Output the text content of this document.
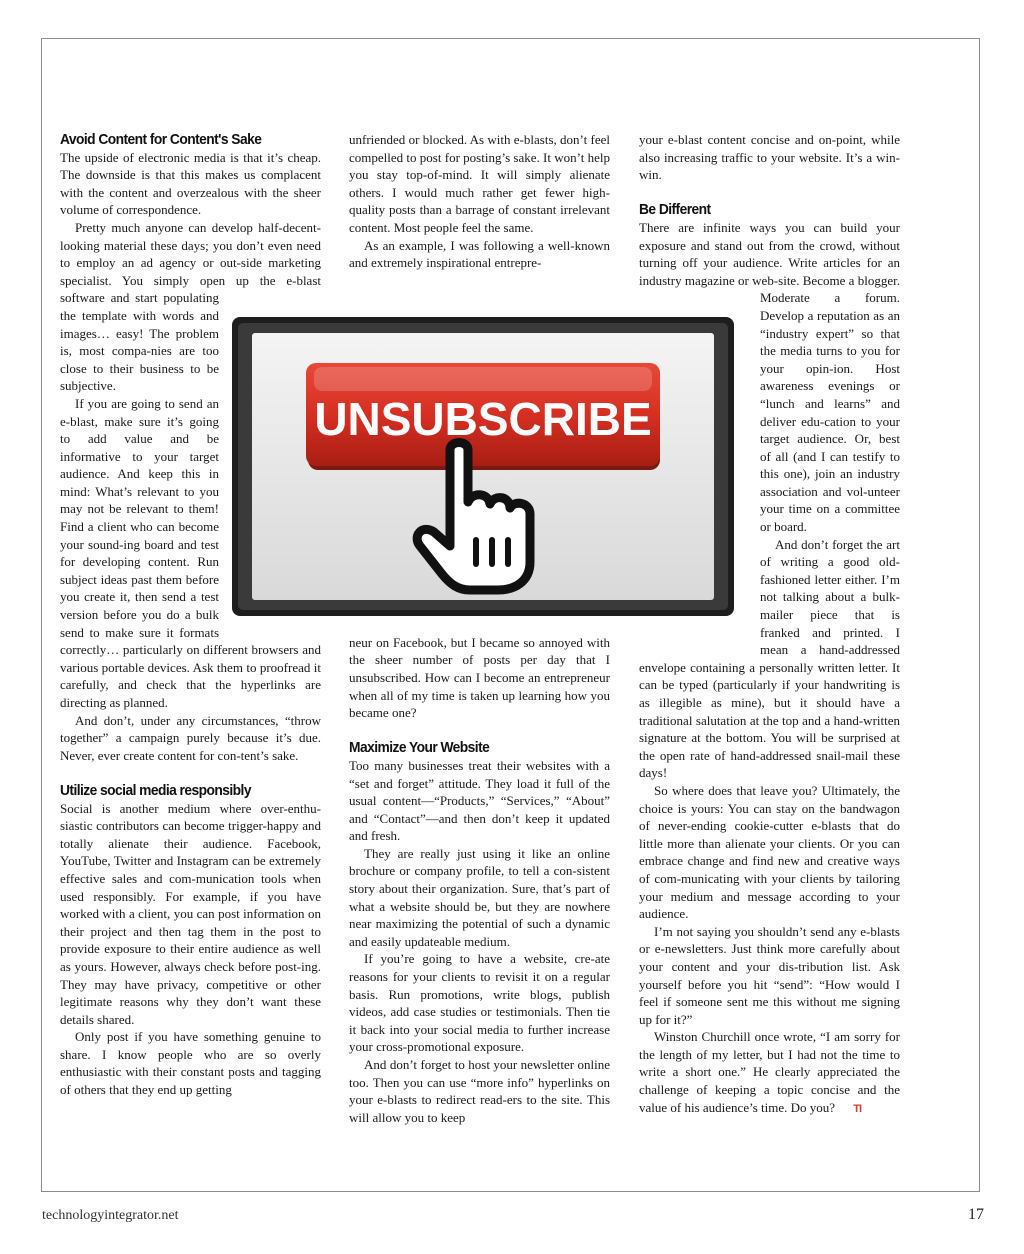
Avoid Content for Content's Sake

The upside of electronic media is that it’s cheap. The downside is that this makes us complacent with the content and overzealous with the sheer volume of correspondence.

Pretty much anyone can develop half-decent-looking material these days; you don’t even need to employ an ad agency or out-side marketing specialist. You simply open up the e-blast software and start populating the template with words and images… easy! The problem is, most compa-nies are too close to their business to be subjective.

If you are going to send an e-blast, make sure it’s going to add value and be informative to your target audience. And keep this in mind: What’s relevant to you may not be relevant to them! Find a client who can become your sound-ing board and test for developing content. Run subject ideas past them before you create it, then send a test version before you do a bulk send to make sure it formats correctly… particularly on different browsers and various portable devices. Ask them to proofread it carefully, and check that the hyperlinks are directing as planned.

And don’t, under any circumstances, “throw together” a campaign purely because it’s due. Never, ever create content for con-tent’s sake.

Utilize social media responsibly

Social is another medium where over-enthu-siastic contributors can become trigger-happy and totally alienate their audience. Facebook, YouTube, Twitter and Instagram can be extremely effective sales and com-munication tools when used responsibly. For example, if you have worked with a client, you can post information on their project and then tag them in the post to provide exposure to their entire audience as well as yours. However, always check before post-ing. They may have privacy, competitive or other legitimate reasons why they don’t want these details shared.

Only post if you have something genuine to share. I know people who are so overly enthusiastic with their constant posts and tagging of others that they end up getting

unfriended or blocked. As with e-blasts, don’t feel compelled to post for posting’s sake. It won’t help you stay top-of-mind. It will simply alienate others. I would much rather get fewer high-quality posts than a barrage of constant irrelevant content. Most people feel the same.

As an example, I was following a well-known and extremely inspirational entrepre-

neur on Facebook, but I became so annoyed with the sheer number of posts per day that I unsubscribed. How can I become an entrepreneur when all of my time is taken up learning how you became one?

Maximize Your Website

Too many businesses treat their websites with a “set and forget” attitude. They load it full of the usual content—“Products,” “Services,” “About” and “Contact”—and then don’t keep it updated and fresh.

They are really just using it like an online brochure or company profile, to tell a con-sistent story about their organization. Sure, that’s part of what a website should be, but they are nowhere near maximizing the potential of such a dynamic and easily updateable medium.

If you’re going to have a website, cre-ate reasons for your clients to revisit it on a regular basis. Run promotions, write blogs, publish videos, add case studies or testimonials. Then tie it back into your social media to further increase your cross-promotional exposure.

And don’t forget to host your newsletter online too. Then you can use “more info” hyperlinks on your e-blasts to redirect read-ers to the site. This will allow you to keep

your e-blast content concise and on-point, while also increasing traffic to your website. It’s a win-win.

Be Different

There are infinite ways you can build your exposure and stand out from the crowd, without turning off your audience. Write articles for an industry magazine or web-site. Become a blogger. Moderate a forum. Develop a reputation as an “industry expert” so that the media turns to you for your opin-ion. Host awareness evenings or “lunch and learns” and deliver edu-cation to your target audience. Or, best of all (and I can testify to this one), join an industry association and vol-unteer your time on a committee or board.

And don’t forget the art of writing a good old-fashioned letter either. I’m not talking about a bulk-mailer piece that is franked and printed. I mean a hand-addressed envelope containing a personally written letter. It can be typed (particularly if your handwriting is as illegible as mine), but it should have a traditional salutation at the top and a hand-written signature at the bottom. You will be surprised at the open rate of hand-addressed snail-mail these days!

So where does that leave you? Ultimately, the choice is yours: You can stay on the bandwagon of never-ending cookie-cutter e-blasts that do little more than alienate your clients. Or you can embrace change and find new and creative ways of com-municating with your clients by tailoring your medium and message according to your audience.

I’m not saying you shouldn’t send any e-blasts or e-newsletters. Just think more carefully about your content and your dis-tribution list. Ask yourself before you hit “send”: “How would I feel if someone sent me this without me signing up for it?”

Winston Churchill once wrote, “I am sorry for the length of my letter, but I had not the time to write a short one.” He clearly appreciated the challenge of keeping a topic concise and the value of his audience’s time. Do you? TI

UNSUBSCRIBE
technologyintegrator.net	17
